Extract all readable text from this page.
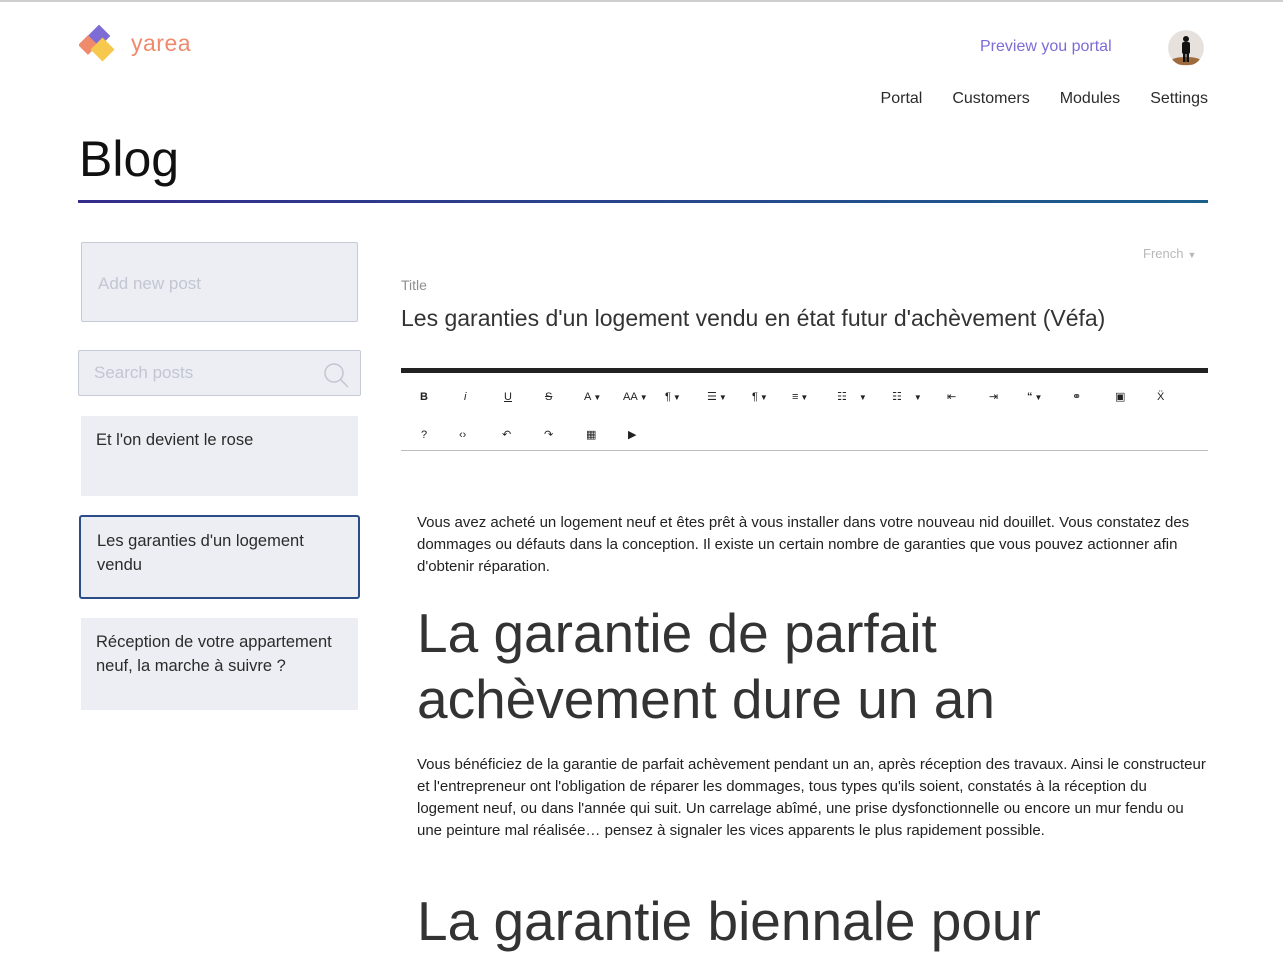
yarea	Preview you portal
Portal Customers Modules Settings
Blog
Add new post
Search posts
Et l'on devient le rose
Les garanties d'un logement vendu
Réception de votre appartement neuf, la marche à suivre ?
French ▼
Title
Les garanties d'un logement vendu en état futur d'achèvement (Véfa)
B	i	U	S	A ▼ AA ▼ ¶ ▼ ☰ ▼ ¶ ▼ ≡ ▼	☷ ▼ ☷ ▼ ⇤	⇥	“ ▼	⚭	▣	Ẍ
?	‹›	↶	↷	▦	▶

Vous avez acheté un logement neuf et êtes prêt à vous installer dans votre nouveau nid douillet. Vous constatez des dommages ou défauts dans la conception. Il existe un certain nombre de garanties que vous pouvez actionner afin d'obtenir réparation.

La garantie de parfait achèvement dure un an

Vous bénéficiez de la garantie de parfait achèvement pendant un an, après réception des travaux. Ainsi le constructeur et l'entrepreneur ont l'obligation de réparer les dommages, tous types qu'ils soient, constatés à la réception du logement neuf, ou dans l'année qui suit. Un carrelage abîmé, une prise dysfonctionnelle ou encore un mur fendu ou une peinture mal réalisée… pensez à signaler les vices apparents le plus rapidement possible.

La garantie biennale pour
